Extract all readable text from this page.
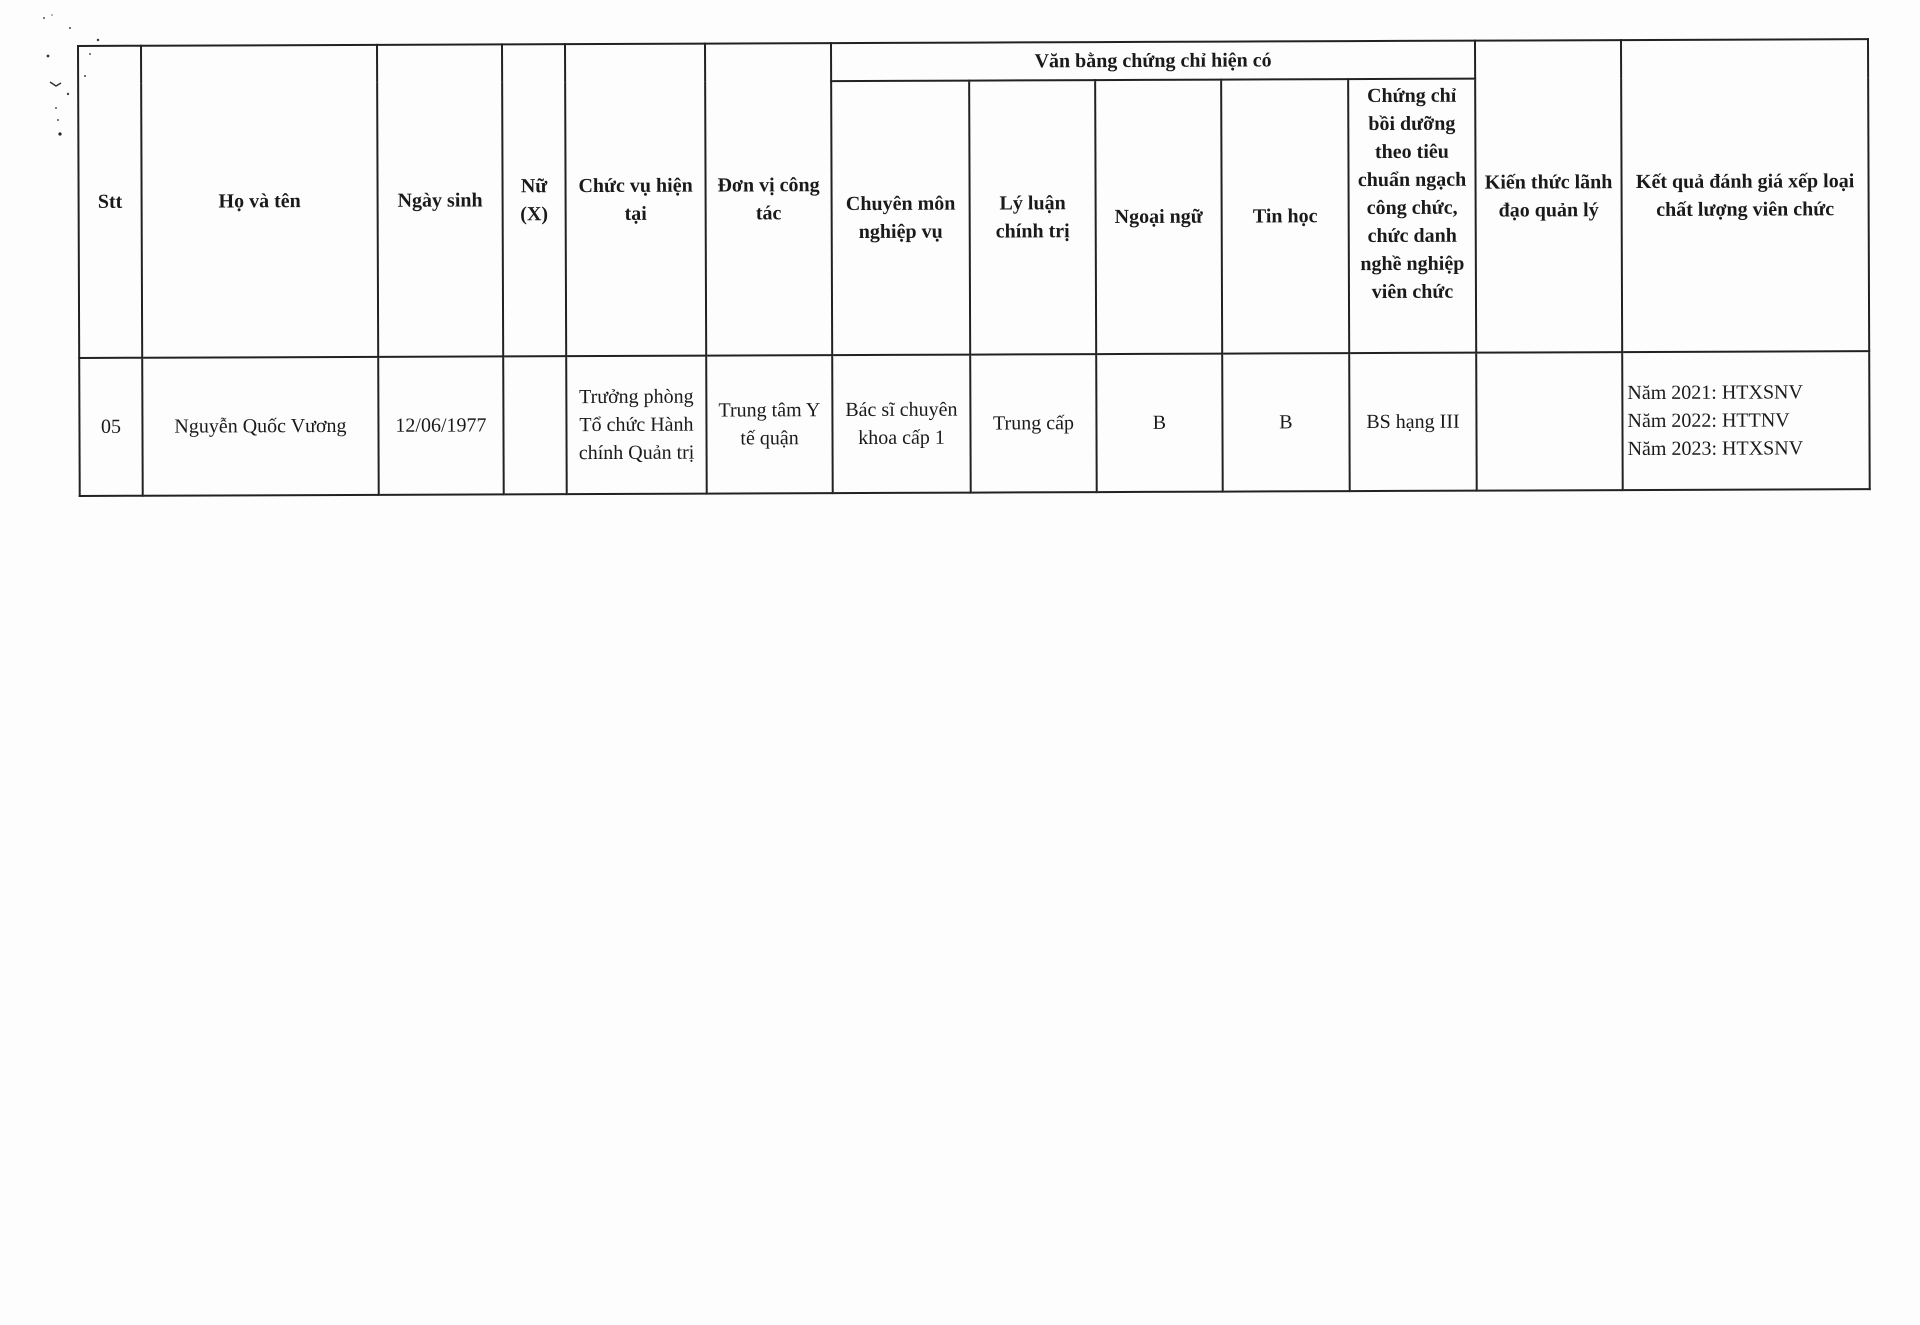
Stt	Họ và tên	Ngày sinh	Nữ (X)	Chức vụ hiện tại	Đơn vị công tác	Văn bằng chứng chỉ hiện có					Kiến thức lãnh đạo quản lý	Kết quả đánh giá xếp loại chất lượng viên chức
						Chuyên môn nghiệp vụ	Lý luận chính trị	Ngoại ngữ	Tin học	Chứng chỉ bồi dưỡng theo tiêu chuẩn ngạch công chức, chức danh nghề nghiệp viên chức		

05	Nguyễn Quốc Vương	12/06/1977		Trưởng phòng Tổ chức Hành chính Quản trị	Trung tâm Y tế quận	Bác sĩ chuyên khoa cấp 1	Trung cấp	B	B	BS hạng III		Năm 2021: HTXSNV
Năm 2022: HTTNV
Năm 2023: HTXSNV
